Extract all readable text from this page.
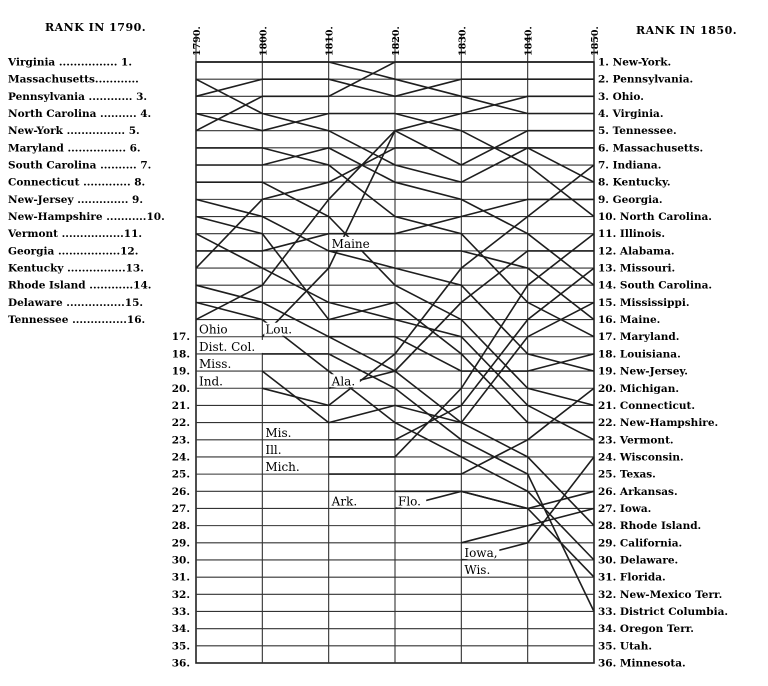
RANK IN 1790.	RANK IN 1850.
1790.	1800.	1810.	1820.	1830.	1840.	1850.
Ohio
Dist. Col.
Miss.
Ind.
Lou.
Mis.
Ill.
Mich.
Maine
Ala.
Ark.	Flo.
Iowa,
Wis.
Virginia ................ 1.
Massachusetts............
Pennsylvania ............ 3.
North Carolina .......... 4.
New-York ................ 5.
Maryland ................ 6.
South Carolina .......... 7.
Connecticut ............. 8.
New-Jersey .............. 9.
New-Hampshire ...........10.
Vermont .................11.
Georgia .................12.
Kentucky ................13.
Rhode Island ............14.
Delaware ................15.
Tennessee ...............16.
17.
18.
19.
20.
21.
22.
23.
24.
25.
26.
27.
28.
29.
30.
31.
32.
33.
34.
35.
36.
1. New-York.
2. Pennsylvania.
3. Ohio.
4. Virginia.
5. Tennessee.
6. Massachusetts.
7. Indiana.
8. Kentucky.
9. Georgia.
10. North Carolina.
11. Illinois.
12. Alabama.
13. Missouri.
14. South Carolina.
15. Mississippi.
16. Maine.
17. Maryland.
18. Louisiana.
19. New-Jersey.
20. Michigan.
21. Connecticut.
22. New-Hampshire.
23. Vermont.
24. Wisconsin.
25. Texas.
26. Arkansas.
27. Iowa.
28. Rhode Island.
29. California.
30. Delaware.
31. Florida.
32. New-Mexico Terr.
33. District Columbia.
34. Oregon Terr.
35. Utah.
36. Minnesota.
